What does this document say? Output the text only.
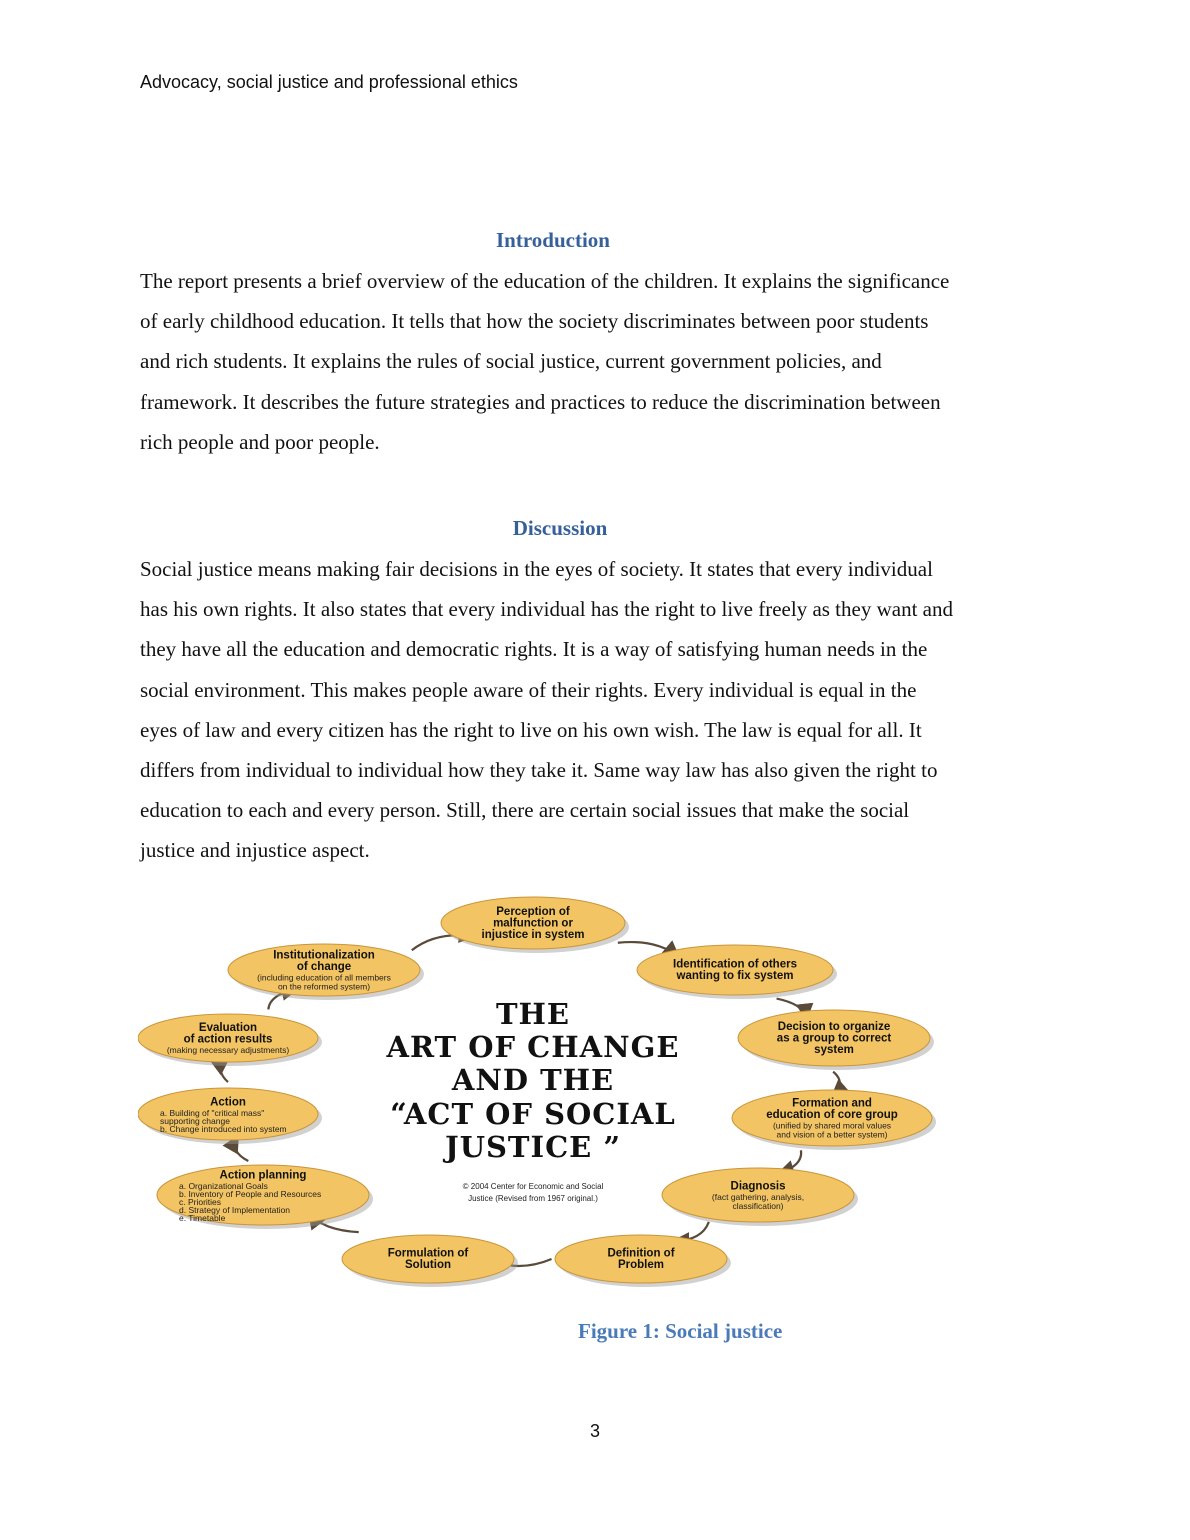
Advocacy, social justice and professional ethics
Introduction

The report presents a brief overview of the education of the children. It explains the significance

of early childhood education. It tells that how the society discriminates between poor students

and rich students. It explains the rules of social justice, current government policies, and

framework. It describes the future strategies and practices to reduce the discrimination between

rich people and poor people.

Discussion

Social justice means making fair decisions in the eyes of society. It states that every individual

has his own rights. It also states that every individual has the right to live freely as they want and

they have all the education and democratic rights. It is a way of satisfying human needs in the

social environment. This makes people aware of their rights. Every individual is equal in the

eyes of law and every citizen has the right to live on his own wish. The law is equal for all. It

differs from individual to individual how they take it. Same way law has also given the right to

education to each and every person. Still, there are certain social issues that make the social

justice and injustice aspect.

Perception of
malfunction or
injustice in system
Identification of others
wanting to fix system
Decision to organize
as a group to correct
system
Formation and
education of core group
(unified by shared moral values
and vision of a better system)
Diagnosis
(fact gathering, analysis,
classification)
Definition of
Problem
Formulation of
Solution
Action planning
a. Organizational Goals
b. Inventory of People and Resources
c. Priorities
d. Strategy of Implementation
e. Timetable
Action
a. Building of "critical mass"
supporting change
b. Change introduced into system
Evaluation
of action results
(making necessary adjustments)
Institutionalization
of change
(including education of all members
on the reformed system)
THE
ART OF CHANGE
AND THE
“ACT OF SOCIAL
JUSTICE ”
© 2004 Center for Economic and Social
Justice (Revised from 1967 original.)
Figure 1: Social justice
3
